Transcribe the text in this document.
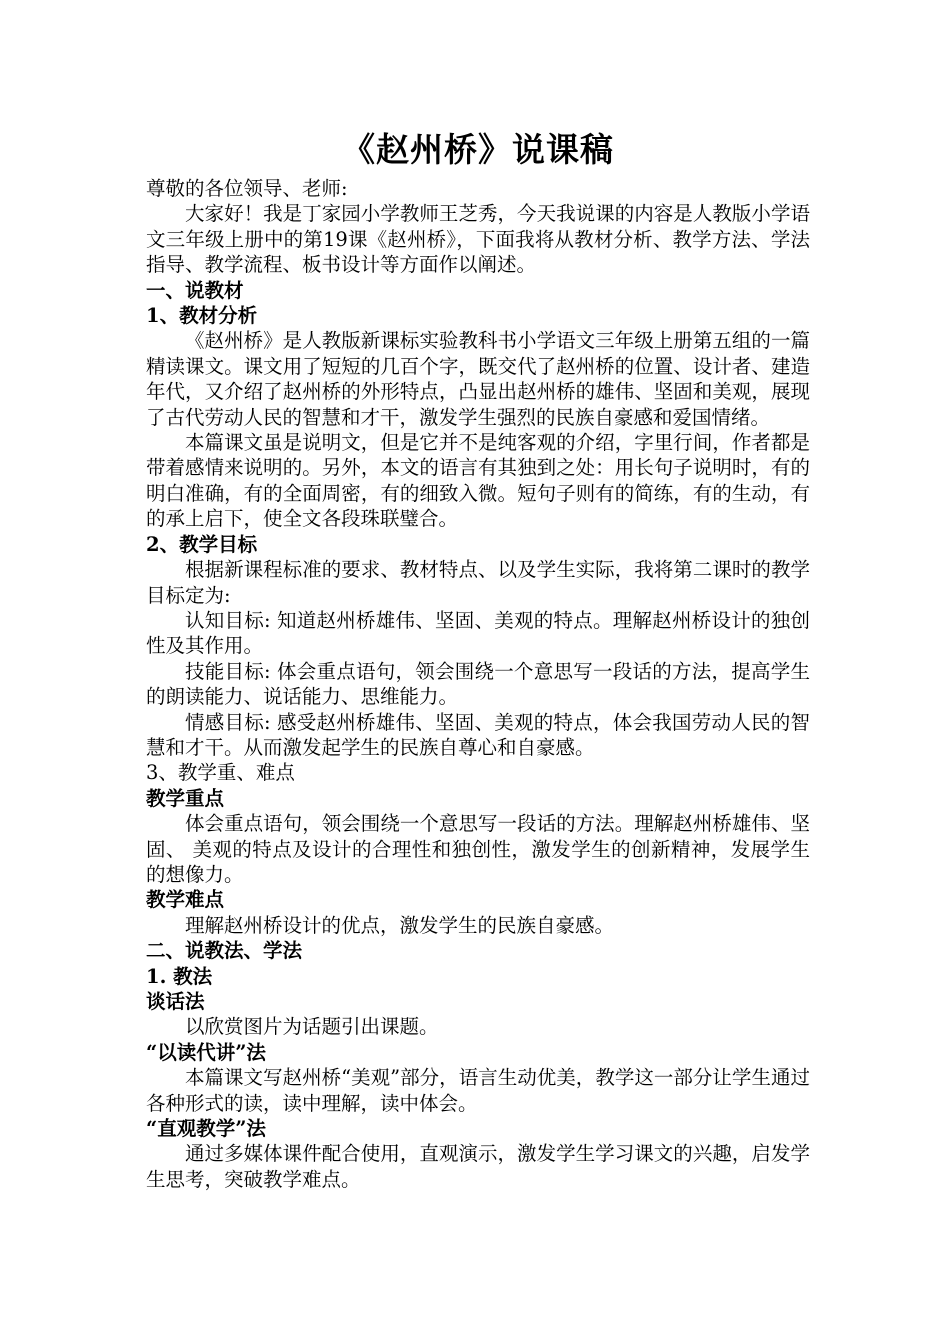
《赵州桥》说课稿

尊敬的各位领导、老师:

大家好！我是丁家园小学教师王芝秀，今天我说课的内容是人教版小学语文三年级上册中的第19课《赵州桥》，下面我将从教材分析、教学方法、学法指导、教学流程、板书设计等方面作以阐述。

一、说教材

1、教材分析

《赵州桥》是人教版新课标实验教科书小学语文三年级上册第五组的一篇精读课文。课文用了短短的几百个字，既交代了赵州桥的位置、设计者、建造年代，又介绍了赵州桥的外形特点，凸显出赵州桥的雄伟、坚固和美观，展现了古代劳动人民的智慧和才干，激发学生强烈的民族自豪感和爱国情绪。

本篇课文虽是说明文，但是它并不是纯客观的介绍，字里行间，作者都是带着感情来说明的。另外，本文的语言有其独到之处：用长句子说明时，有的明白准确，有的全面周密，有的细致入微。短句子则有的简练，有的生动，有的承上启下，使全文各段珠联璧合。

2、教学目标

根据新课程标准的要求、教材特点、以及学生实际，我将第二课时的教学目标定为:

认知目标: 知道赵州桥雄伟、坚固、美观的特点。理解赵州桥设计的独创性及其作用。

技能目标: 体会重点语句，领会围绕一个意思写一段话的方法，提高学生的朗读能力、说话能力、思维能力。

情感目标: 感受赵州桥雄伟、坚固、美观的特点，体会我国劳动人民的智慧和才干。从而激发起学生的民族自尊心和自豪感。

3、教学重、难点

教学重点

体会重点语句，领会围绕一个意思写一段话的方法。理解赵州桥雄伟、坚固、 美观的特点及设计的合理性和独创性，激发学生的创新精神，发展学生的想像力。

教学难点

理解赵州桥设计的优点，激发学生的民族自豪感。

二、说教法、学法

1. 教法

谈话法

以欣赏图片为话题引出课题。

“以读代讲”法

本篇课文写赵州桥“美观”部分，语言生动优美，教学这一部分让学生通过各种形式的读，读中理解，读中体会。

“直观教学”法

通过多媒体课件配合使用，直观演示，激发学生学习课文的兴趣，启发学生思考，突破教学难点。
